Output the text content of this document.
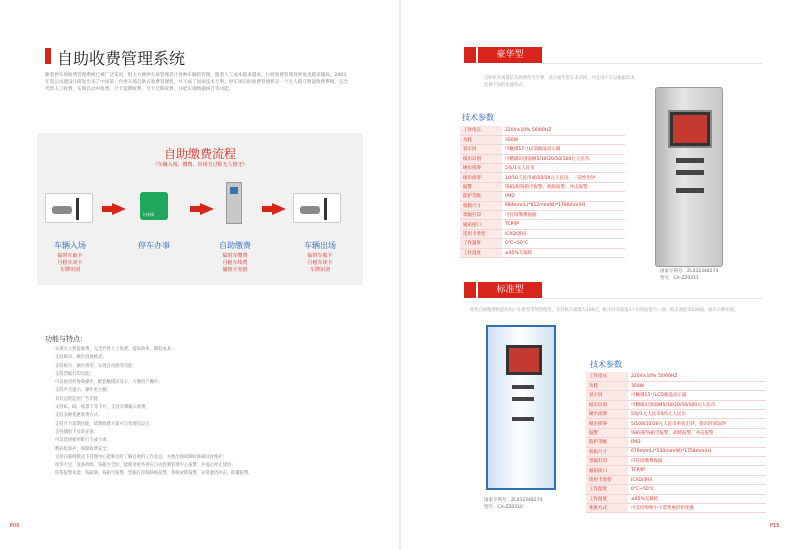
自助收费管理系统

随着停车场收费管理系统已被广泛采用，很大方便停车场管理者计各种车辆的管理，随着人工成本越来越高，行驶收费管理效率低也越来越高，2003年我公司建设计研发出来了中国第一台停车场自助式收费管理机，并不成了国家技术专利。停车场自助收费管理机是一个无人值守智能收费系统，完全代替人工收费，实现自动中收费，月卡延期收费，月卡过期收费，并能实现数据统计等功能。

自助缴费流程
（车辆入场、缴费、出场全过程无人值守）
卡抹梯
车辆入场
临时车取卡
月租车读卡
车牌识别
停车办事	自助缴费
临时车缴费
月租车续费
储值卡充值
车辆出场
临时车收卡
月租车读卡
车牌识别
功能与特点：
实现无人智能收费，完全代替人工收费，提高效率，降低成本；
支持纸币、硬币投放模式；
支持纸币、硬币找零，实现自动找零功能；
支持票据打印功能；
可以接语机射频操作，配套触摸屏显示，方便用户操作；
支持声音提示，操作更方便；
具有远程监控广告功能；
支持IC、ID、纸票卡等卡片，支持车牌输入收费；
支持多种优惠收费方式；
支持月卡延期功能，延期收费方案可自管理员设定；
支持储值卡自助充值；
可以选择使用银行卡或卡或；
数码化保护，保障收费安全；
支持在联网模式下管理中心能够及时了解自助机工作状态，方便出现故障时准确及时维护；
找零不足、设备故障、钱箱少全时，能使用财务供应自动控制管理中心报警，并提示停止使用；
防伤报警功能：钱箱满、钱箱空报警，票据打印纸缺纸报警，系统故障报警，异常遮挡冲击、防撬报警。
P06
豪华型

自助机外观简洁美观便作为至尊，适合豪华型车来式样，并且用户可以根据需求，选择不同的机器机式。

技术参数
工作电压	220V±10% 50/60HZ
功耗	350W
显示屏	可触摸17寸LCD液晶显示器
纸币识别	可精确识别面额5/10/20/50/100元人民币
硬币找零	5角/1元人民币
纸币找零	10/50人民币或/10/20元人民币，一次性出钞
报警	钱箱满/钱箱空报警、故障报警、冲击报警
防护等级	IP42
机箱尺寸	684mm(L)*612mm(W)*1780mm(H)
票据打印	可打印缴费收据
通讯接口	TCP/IP
适用卡类型	IC/ID/条码
工作温度	0°C~50°C
工作湿度	≤95%无凝结
国家专利号：ZL032348274
型号：CA-ZZ0311
标准型

使性自助缴费机能均用户在新型常规型使用，支持纸币最低为100元，纸币找零面值3个识别面值为一面，纸币面值为100面，纸币币种识别。

国家专利号：ZL032348274
型号：CA-ZZ0310
技术参数
工作电压	220V±10% 50/60HZ
功耗	350W
显示屏	可触摸15寸LCD液晶显示器
纸币识别	可精确识别面额5/10/20/50/100元人民币
硬币找零	5角/1元人民币0/5元人民币
纸币找零	5/10或10/20元人民币单张出钞，找币时间5/钞
报警	钱箱满/钱箱空报警、故障报警、冲击报警
防护等级	IP42
机箱尺寸	676mm(L)*530mm(W)*1758mm(H)
票据打印	可打印缴费收据
通讯接口	TCP/IP
适用卡类型	IC/ID/条码
工作温度	0°C~50°C
工作湿度	≤95%无凝结
优惠方式	可支持购物小小票优惠折扣优惠
P15
